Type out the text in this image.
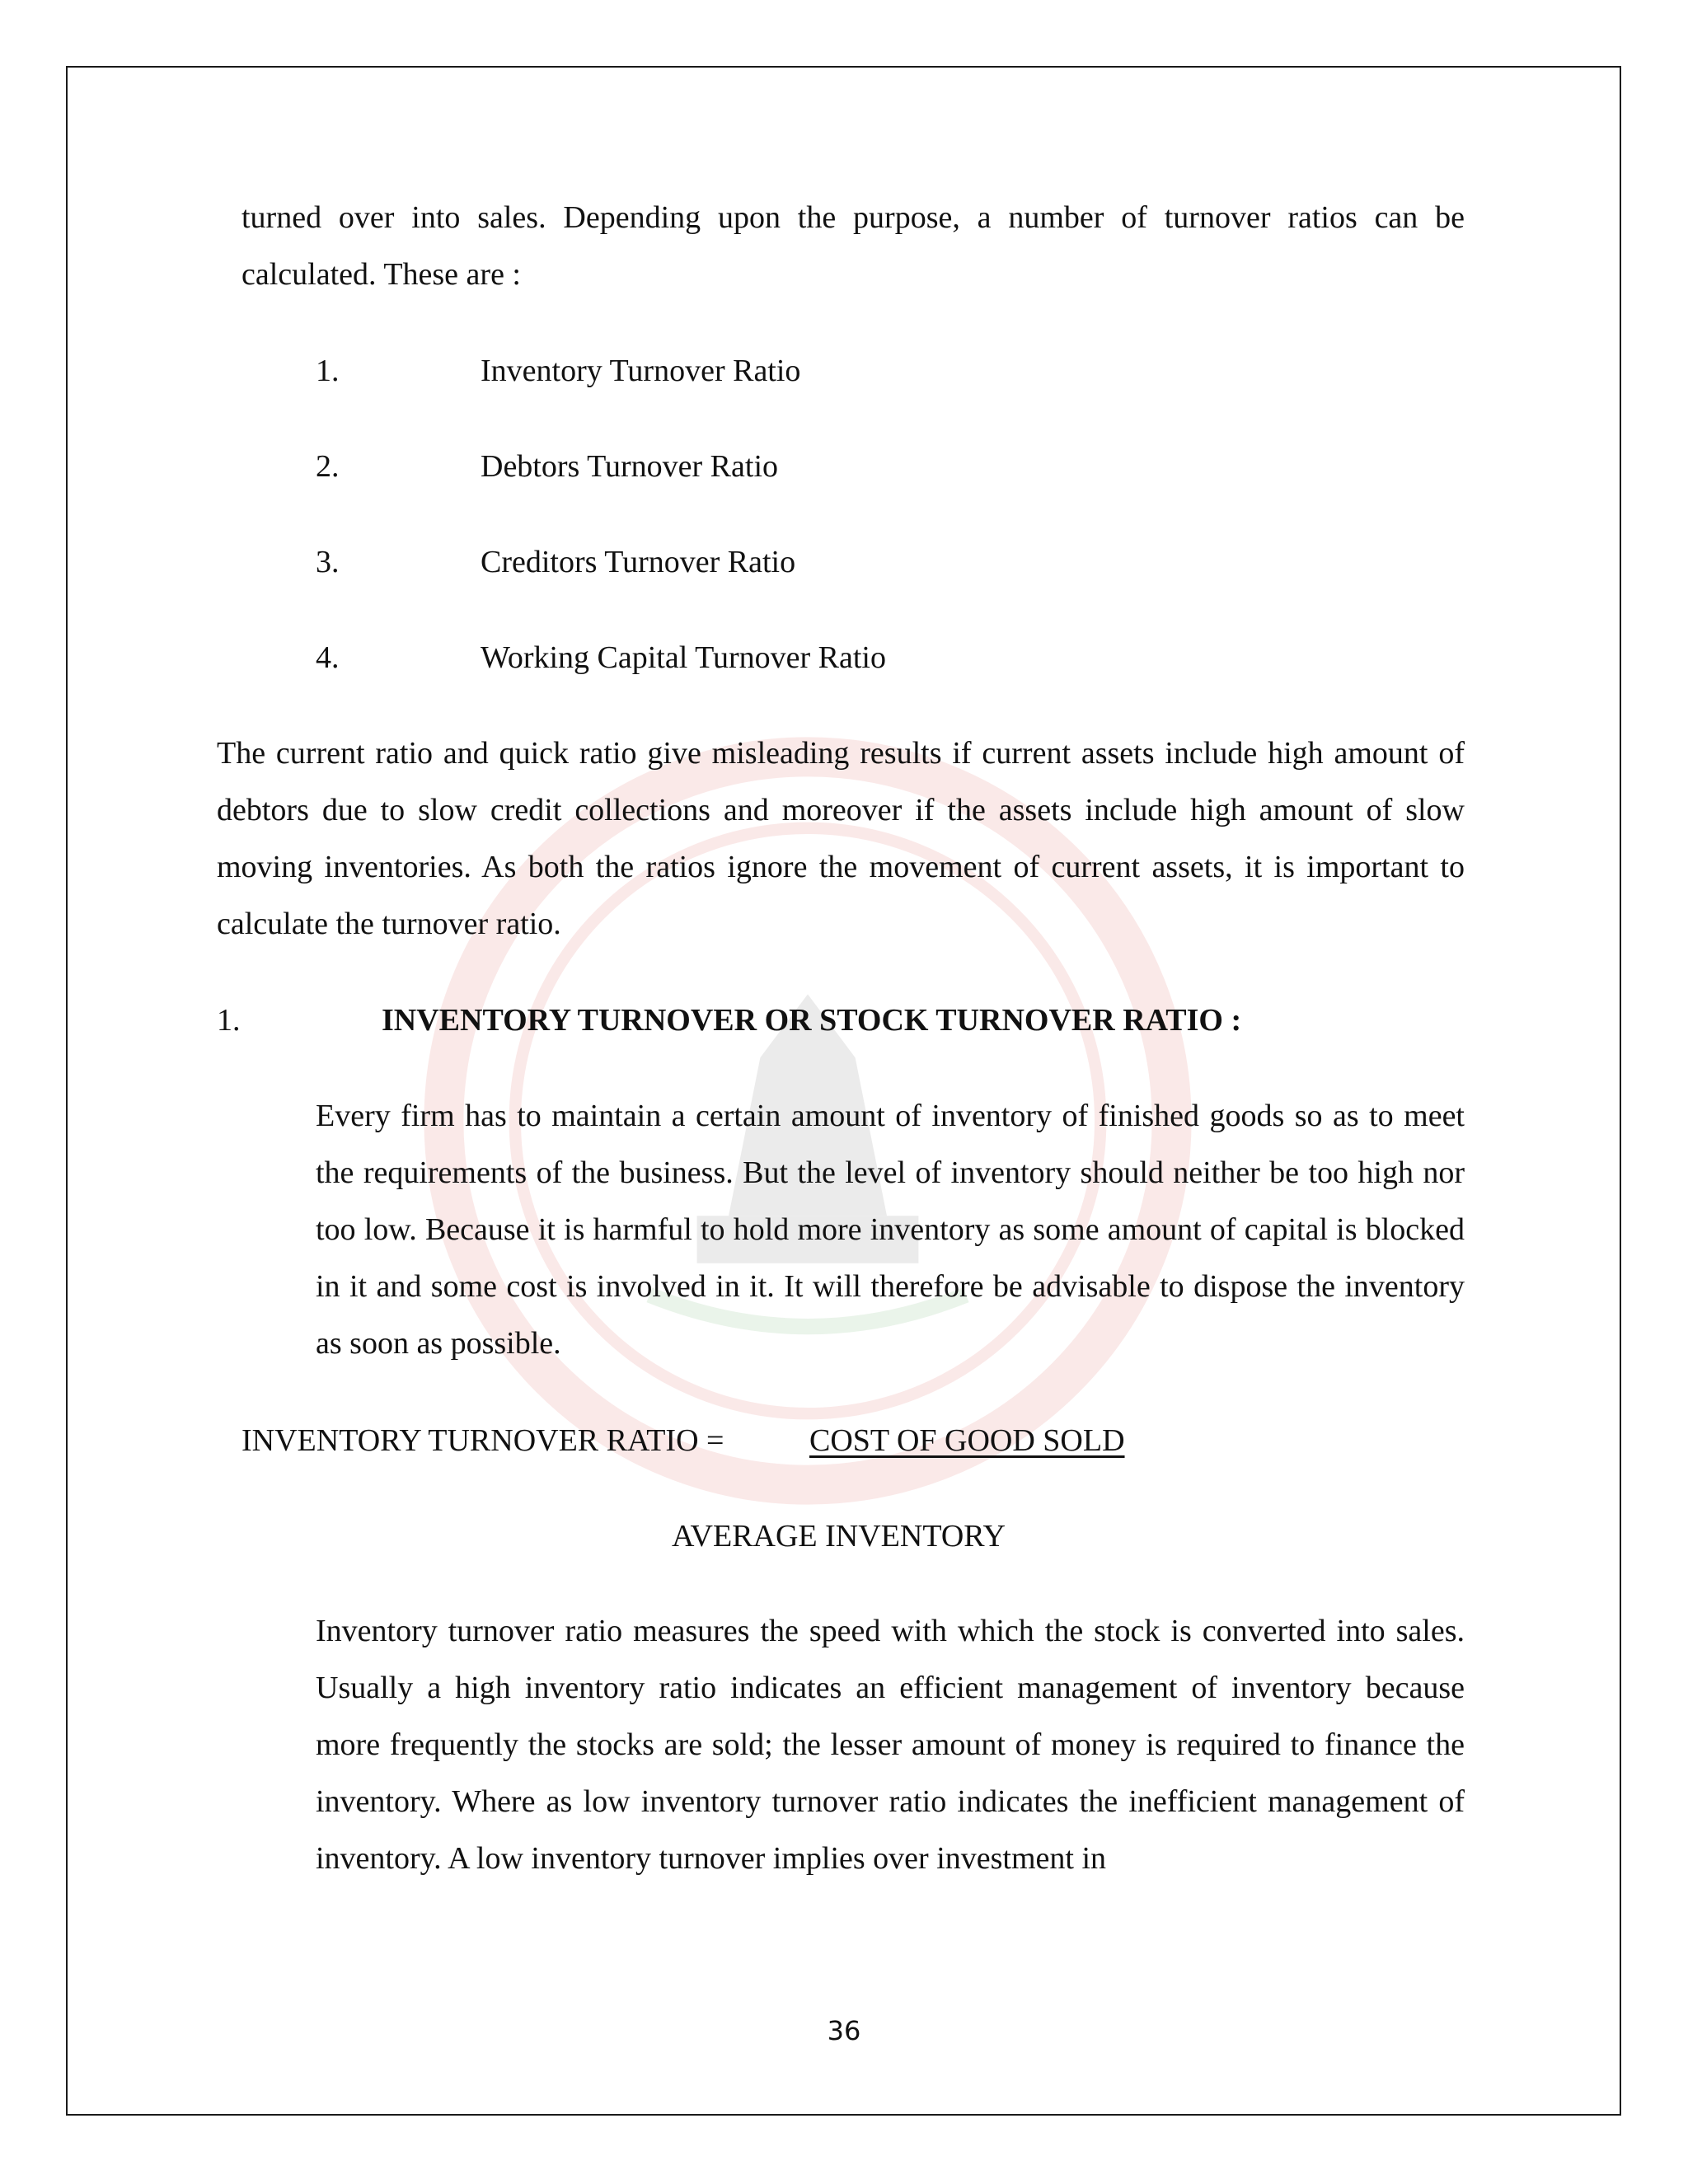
turned over into sales. Depending upon the purpose, a number of turnover ratios can be calculated. These are :

1.	Inventory Turnover Ratio
2.	Debtors Turnover Ratio
3.	Creditors Turnover Ratio
4.	Working Capital Turnover Ratio

The current ratio and quick ratio give misleading results if current assets include high amount of debtors due to slow credit collections and moreover if the assets include high amount of slow moving inventories. As both the ratios ignore the movement of current assets, it is important to calculate the turnover ratio.

1.	INVENTORY TURNOVER OR STOCK TURNOVER RATIO :

Every firm has to maintain a certain amount of inventory of finished goods so as to meet the requirements of the business. But the level of inventory should neither be too high nor too low. Because it is harmful to hold more inventory as some amount of capital is blocked in it and some cost is involved in it. It will therefore be advisable to dispose the inventory as soon as possible.

INVENTORY TURNOVER RATIO =	COST OF GOOD SOLD
AVERAGE INVENTORY

Inventory turnover ratio measures the speed with which the stock is converted into sales. Usually a high inventory ratio indicates an efficient management of inventory because more frequently the stocks are sold; the lesser amount of money is required to finance the inventory. Where as low inventory turnover ratio indicates the inefficient management of inventory. A low inventory turnover implies over investment in

36
